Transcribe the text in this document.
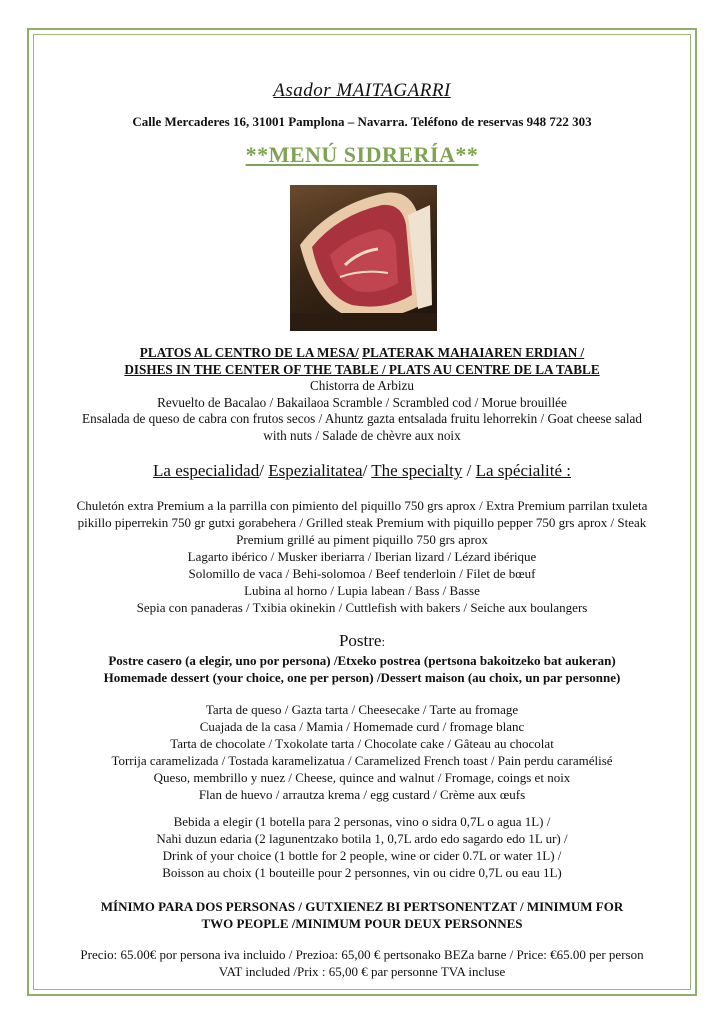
Asador MAITAGARRI
Calle Mercaderes 16, 31001 Pamplona – Navarra. Teléfono de reservas 948 722 303
**MENÚ SIDRERÍA**
PLATOS AL CENTRO DE LA MESA/ PLATERAK MAHAIAREN ERDIAN /
DISHES IN THE CENTER OF THE TABLE / PLATS AU CENTRE DE LA TABLE
Chistorra de Arbizu
Revuelto de Bacalao / Bakailaoa Scramble / Scrambled cod / Morue brouillée
Ensalada de queso de cabra con frutos secos / Ahuntz gazta entsalada fruitu lehorrekin / Goat cheese salad
with nuts / Salade de chèvre aux noix
La especialidad/ Espezialitatea/ The specialty / La spécialité :
Chuletón extra Premium a la parrilla con pimiento del piquillo 750 grs aprox / Extra Premium parrilan txuleta
pikillo piperrekin 750 gr gutxi gorabehera / Grilled steak Premium with piquillo pepper 750 grs aprox / Steak
Premium grillé au piment piquillo 750 grs aprox
Lagarto ibérico / Musker iberiarra / Iberian lizard / Lézard ibérique
Solomillo de vaca / Behi-solomoa / Beef tenderloin / Filet de bœuf
Lubina al horno / Lupia labean / Bass / Basse
Sepia con panaderas / Txibia okinekin / Cuttlefish with bakers / Seiche aux boulangers
Postre:
Postre casero (a elegir, uno por persona) /Etxeko postrea (pertsona bakoitzeko bat aukeran)
Homemade dessert (your choice, one per person) /Dessert maison (au choix, un par personne)
Tarta de queso / Gazta tarta / Cheesecake / Tarte au fromage
Cuajada de la casa / Mamia / Homemade curd / fromage blanc
Tarta de chocolate / Txokolate tarta / Chocolate cake / Gâteau au chocolat
Torrija caramelizada / Tostada karamelizatua / Caramelized French toast / Pain perdu caramélisé
Queso, membrillo y nuez / Cheese, quince and walnut / Fromage, coings et noix
Flan de huevo / arrautza krema / egg custard / Crème aux œufs
Bebida a elegir (1 botella para 2 personas, vino o sidra 0,7L o agua 1L) /
Nahi duzun edaria (2 lagunentzako botila 1, 0,7L ardo edo sagardo edo 1L ur) /
Drink of your choice (1 bottle for 2 people, wine or cider 0.7L or water 1L) /
Boisson au choix (1 bouteille pour 2 personnes, vin ou cidre 0,7L ou eau 1L)
MÍNIMO PARA DOS PERSONAS / GUTXIENEZ BI PERTSONENTZAT / MINIMUM FOR
TWO PEOPLE /MINIMUM POUR DEUX PERSONNES
Precio: 65.00€ por persona iva incluido / Prezioa: 65,00 € pertsonako BEZa barne / Price: €65.00 per person
VAT included /Prix : 65,00 € par personne TVA incluse
